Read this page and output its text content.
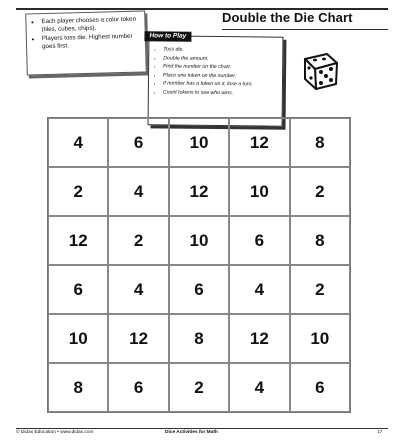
Double the Die Chart
• Each player chooses a color token (tiles, cubes, chips).
• Players toss die. Highest number goes first.
How to Play
• Toss die.
• Double the amount.
• Find the number on the chart.
• Place one token on the number.
• If number has a token on it, lose a turn.
• Count tokens to see who wins.
4	6	10	12	8
2	4	12	10	2
12	2	10	6	8
6	4	6	4	2
10	12	8	12	10
8	6	2	4	6
© Didax Education • www.didax.com	Dice Activities for Math	17
